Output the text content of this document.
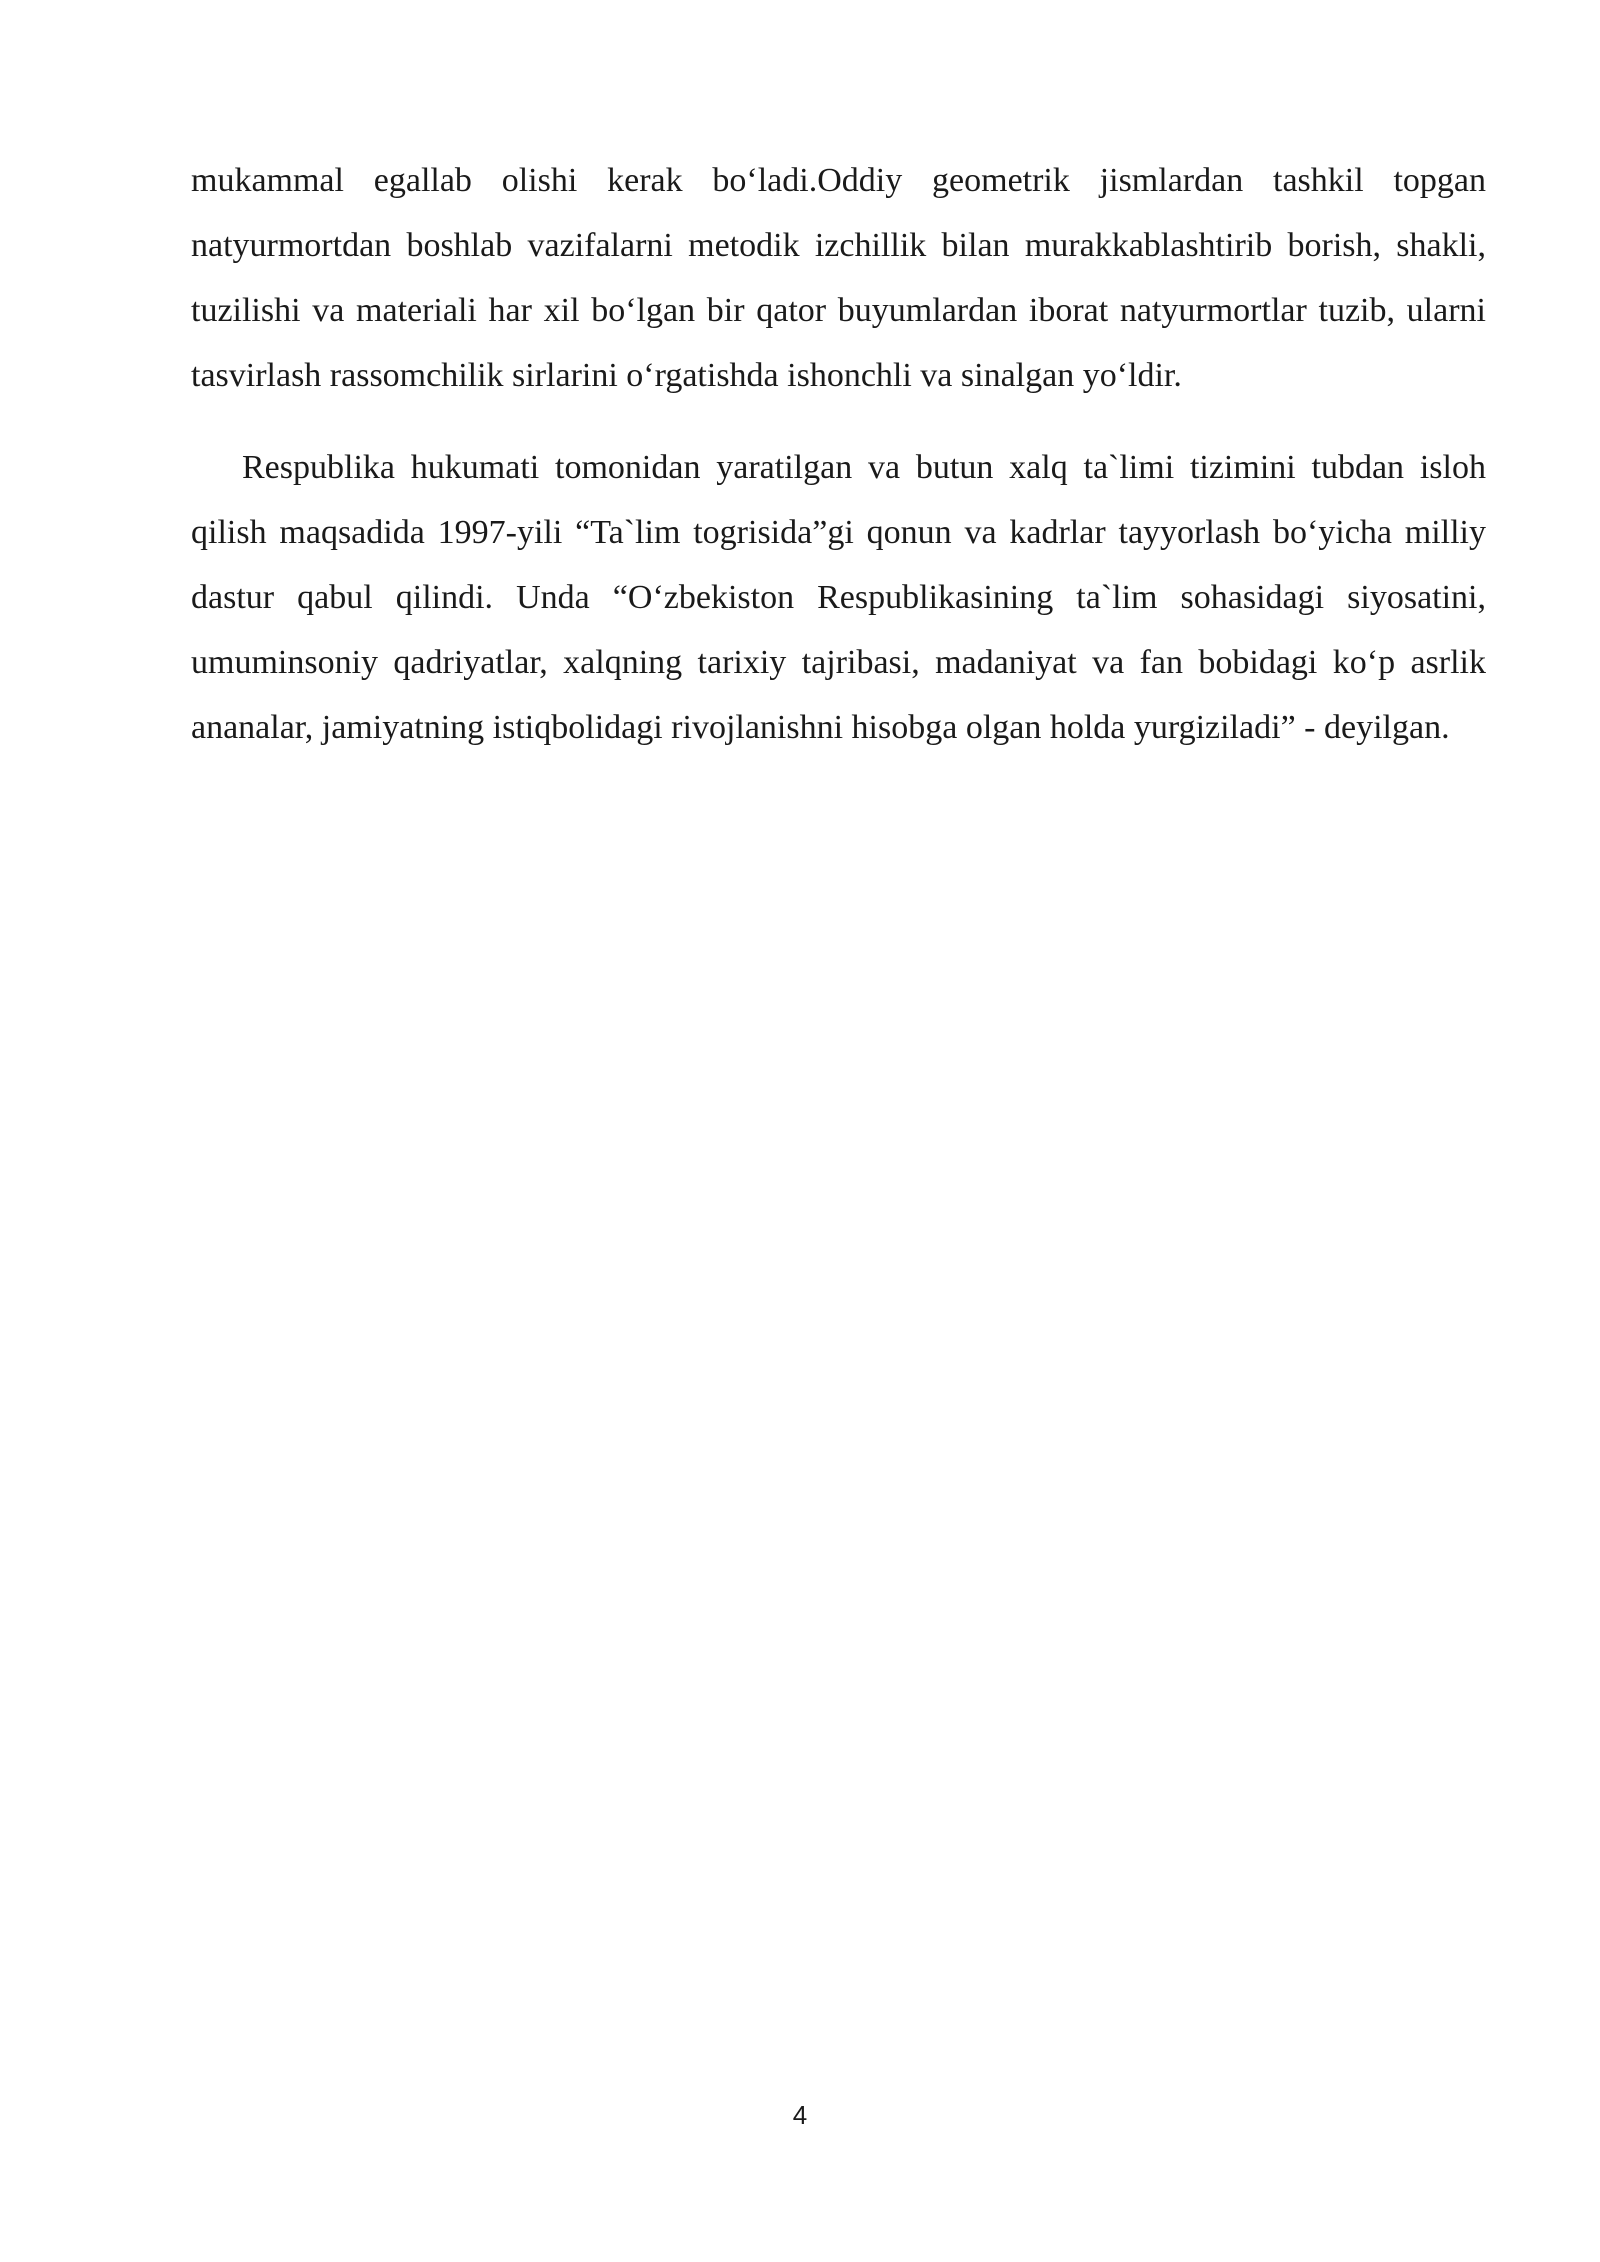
mukammal egallab olishi kerak bo‘ladi.Oddiy geometrik jismlardan tashkil topgan natyurmortdan boshlab vazifalarni metodik izchillik bilan murakkablashtirib borish, shakli, tuzilishi va materiali har xil bo‘lgan bir qator buyumlardan iborat natyurmortlar tuzib, ularni tasvirlash rassomchilik sirlarini o‘rgatishda ishonchli va sinalgan yo‘ldir.

Respublika hukumati tomonidan yaratilgan va butun xalq ta`limi tizimini tubdan isloh qilish maqsadida 1997-yili “Ta`lim togrisida”gi qonun va kadrlar tayyorlash bo‘yicha milliy dastur qabul qilindi. Unda “O‘zbekiston Respublikasining ta`lim sohasidagi siyosatini, umuminsoniy qadriyatlar, xalqning tarixiy tajribasi, madaniyat va fan bobidagi ko‘p asrlik ananalar, jamiyatning istiqbolidagi rivojlanishni hisobga olgan holda yurgiziladi” - deyilgan.

4
